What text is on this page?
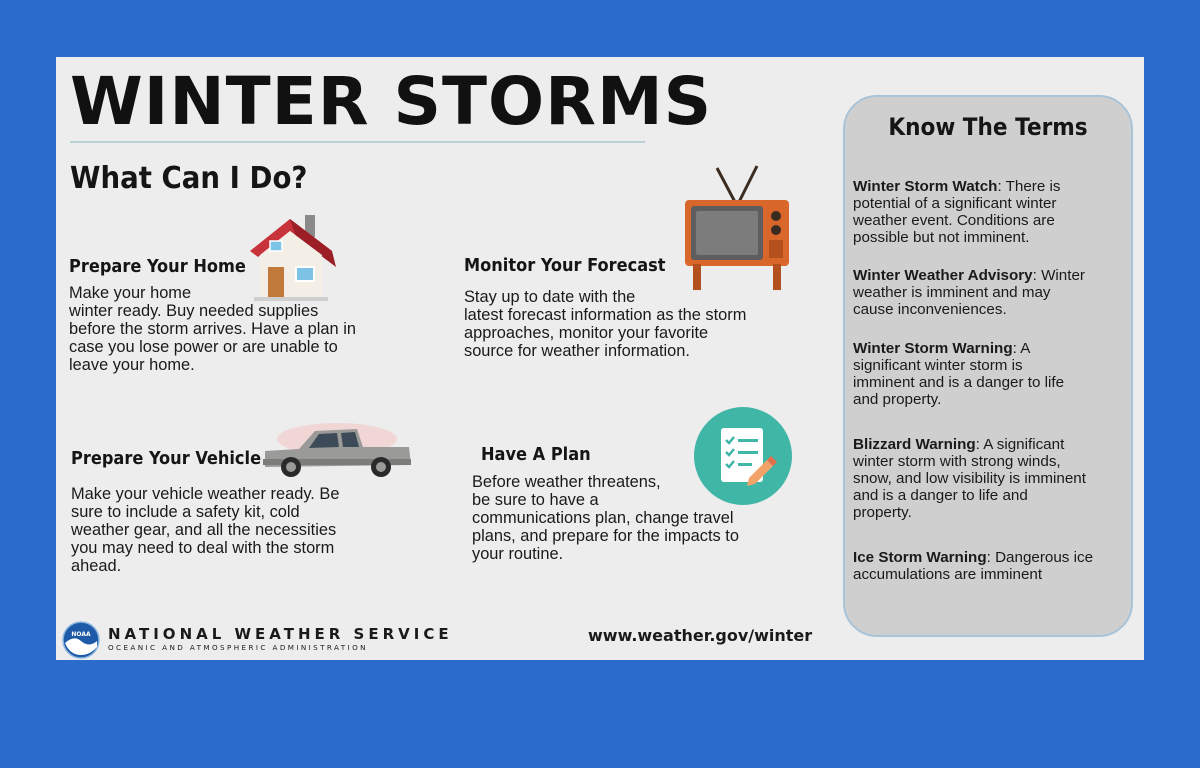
WINTER STORMS
What Can I Do?
Prepare Your Home
Make your home
winter ready. Buy needed supplies
before the storm arrives. Have a plan in
case you lose power or are unable to
leave your home.
Monitor Your Forecast
Stay up to date with the
latest forecast information as the storm
approaches, monitor your favorite
source for weather information.
Prepare Your Vehicle
Make your vehicle weather ready. Be
sure to include a safety kit, cold
weather gear, and all the necessities
you may need to deal with the storm
ahead.
Have A Plan
Before weather threatens,
be sure to have a
communications plan, change travel
plans, and prepare for the impacts to
your routine.
Know The Terms
Winter Storm Watch: There is
potential of a significant winter
weather event. Conditions are
possible but not imminent.
Winter Weather Advisory: Winter
weather is imminent and may
cause inconveniences.
Winter Storm Warning: A
significant winter storm is
imminent and is a danger to life
and property.
Blizzard Warning: A significant
winter storm with strong winds,
snow, and low visibility is imminent
and is a danger to life and
property.
Ice Storm Warning: Dangerous ice
accumulations are imminent
NOAA NATIONAL WEATHER SERVICE
OCEANIC AND ATMOSPHERIC ADMINISTRATION
www.weather.gov/winter
